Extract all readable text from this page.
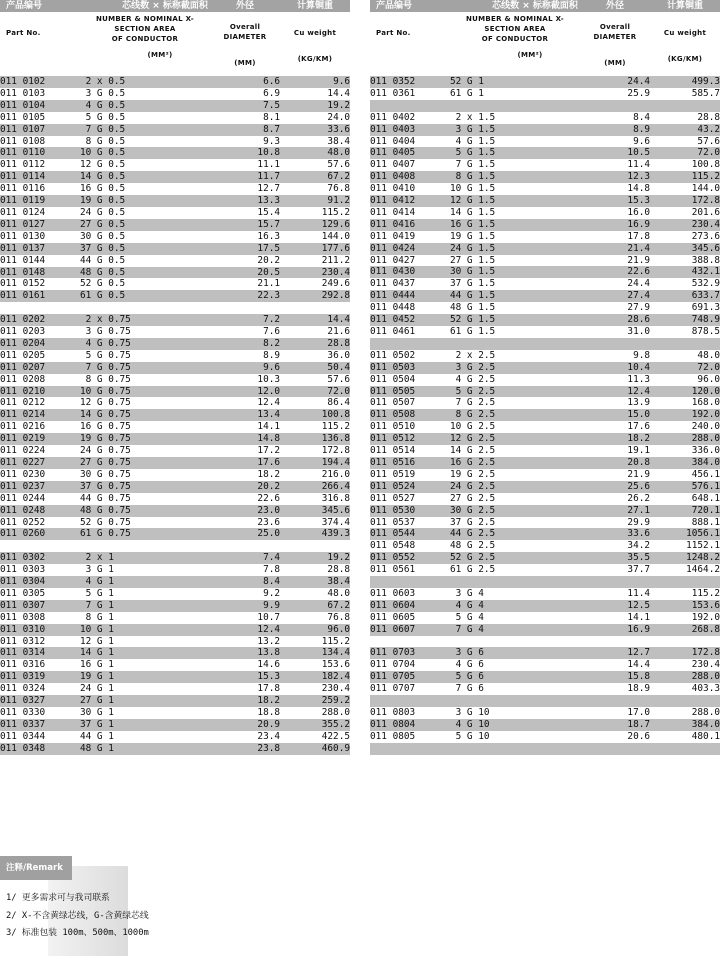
产品编号
Part No.	芯线数 × 标称截面积
NUMBER & NOMINAL X-
SECTION AREA
OF CONDUCTOR
(MM²)	外径
Overall
DIAMETER
(MM)	计算铜重
Cu weight
(KG/KM)

011 0102	2 x 0.5	6.6	9.6
011 0103	3 G 0.5	6.9	14.4
011 0104	4 G 0.5	7.5	19.2
011 0105	5 G 0.5	8.1	24.0
011 0107	7 G 0.5	8.7	33.6
011 0108	8 G 0.5	9.3	38.4
011 0110	10 G 0.5	10.8	48.0
011 0112	12 G 0.5	11.1	57.6
011 0114	14 G 0.5	11.7	67.2
011 0116	16 G 0.5	12.7	76.8
011 0119	19 G 0.5	13.3	91.2
011 0124	24 G 0.5	15.4	115.2
011 0127	27 G 0.5	15.7	129.6
011 0130	30 G 0.5	16.3	144.0
011 0137	37 G 0.5	17.5	177.6
011 0144	44 G 0.5	20.2	211.2
011 0148	48 G 0.5	20.5	230.4
011 0152	52 G 0.5	21.1	249.6
011 0161	61 G 0.5	22.3	292.8

011 0202	2 x 0.75	7.2	14.4
011 0203	3 G 0.75	7.6	21.6
011 0204	4 G 0.75	8.2	28.8
011 0205	5 G 0.75	8.9	36.0
011 0207	7 G 0.75	9.6	50.4
011 0208	8 G 0.75	10.3	57.6
011 0210	10 G 0.75	12.0	72.0
011 0212	12 G 0.75	12.4	86.4
011 0214	14 G 0.75	13.4	100.8
011 0216	16 G 0.75	14.1	115.2
011 0219	19 G 0.75	14.8	136.8
011 0224	24 G 0.75	17.2	172.8
011 0227	27 G 0.75	17.6	194.4
011 0230	30 G 0.75	18.2	216.0
011 0237	37 G 0.75	20.2	266.4
011 0244	44 G 0.75	22.6	316.8
011 0248	48 G 0.75	23.0	345.6
011 0252	52 G 0.75	23.6	374.4
011 0260	61 G 0.75	25.0	439.3

011 0302	2 x 1	7.4	19.2
011 0303	3 G 1	7.8	28.8
011 0304	4 G 1	8.4	38.4
011 0305	5 G 1	9.2	48.0
011 0307	7 G 1	9.9	67.2
011 0308	8 G 1	10.7	76.8
011 0310	10 G 1	12.4	96.0
011 0312	12 G 1	13.2	115.2
011 0314	14 G 1	13.8	134.4
011 0316	16 G 1	14.6	153.6
011 0319	19 G 1	15.3	182.4
011 0324	24 G 1	17.8	230.4
011 0327	27 G 1	18.2	259.2
011 0330	30 G 1	18.8	288.0
011 0337	37 G 1	20.9	355.2
011 0344	44 G 1	23.4	422.5
011 0348	48 G 1	23.8	460.9
产品编号
Part No.	芯线数 × 标称截面积
NUMBER & NOMINAL X-
SECTION AREA
OF CONDUCTOR
(MM²)	外径
Overall
DIAMETER
(MM)	计算铜重
Cu weight
(KG/KM)

011 0352	52 G 1	24.4	499.3
011 0361	61 G 1	25.9	585.7

011 0402	2 x 1.5	8.4	28.8
011 0403	3 G 1.5	8.9	43.2
011 0404	4 G 1.5	9.6	57.6
011 0405	5 G 1.5	10.5	72.0
011 0407	7 G 1.5	11.4	100.8
011 0408	8 G 1.5	12.3	115.2
011 0410	10 G 1.5	14.8	144.0
011 0412	12 G 1.5	15.3	172.8
011 0414	14 G 1.5	16.0	201.6
011 0416	16 G 1.5	16.9	230.4
011 0419	19 G 1.5	17.8	273.6
011 0424	24 G 1.5	21.4	345.6
011 0427	27 G 1.5	21.9	388.8
011 0430	30 G 1.5	22.6	432.1
011 0437	37 G 1.5	24.4	532.9
011 0444	44 G 1.5	27.4	633.7
011 0448	48 G 1.5	27.9	691.3
011 0452	52 G 1.5	28.6	748.9
011 0461	61 G 1.5	31.0	878.5

011 0502	2 x 2.5	9.8	48.0
011 0503	3 G 2.5	10.4	72.0
011 0504	4 G 2.5	11.3	96.0
011 0505	5 G 2.5	12.4	120.0
011 0507	7 G 2.5	13.9	168.0
011 0508	8 G 2.5	15.0	192.0
011 0510	10 G 2.5	17.6	240.0
011 0512	12 G 2.5	18.2	288.0
011 0514	14 G 2.5	19.1	336.0
011 0516	16 G 2.5	20.8	384.0
011 0519	19 G 2.5	21.9	456.1
011 0524	24 G 2.5	25.6	576.1
011 0527	27 G 2.5	26.2	648.1
011 0530	30 G 2.5	27.1	720.1
011 0537	37 G 2.5	29.9	888.1
011 0544	44 G 2.5	33.6	1056.1
011 0548	48 G 2.5	34.2	1152.1
011 0552	52 G 2.5	35.5	1248.2
011 0561	61 G 2.5	37.7	1464.2

011 0603	3 G 4	11.4	115.2
011 0604	4 G 4	12.5	153.6
011 0605	5 G 4	14.1	192.0
011 0607	7 G 4	16.9	268.8

011 0703	3 G 6	12.7	172.8
011 0704	4 G 6	14.4	230.4
011 0705	5 G 6	15.8	288.0
011 0707	7 G 6	18.9	403.3

011 0803	3 G 10	17.0	288.0
011 0804	4 G 10	18.7	384.0
011 0805	5 G 10	20.6	480.1

注释/Remark
1/ 更多需求可与我司联系
2/ X-不含黄绿芯线，G-含黄绿芯线
3/ 标准包装 100m、500m、1000m
